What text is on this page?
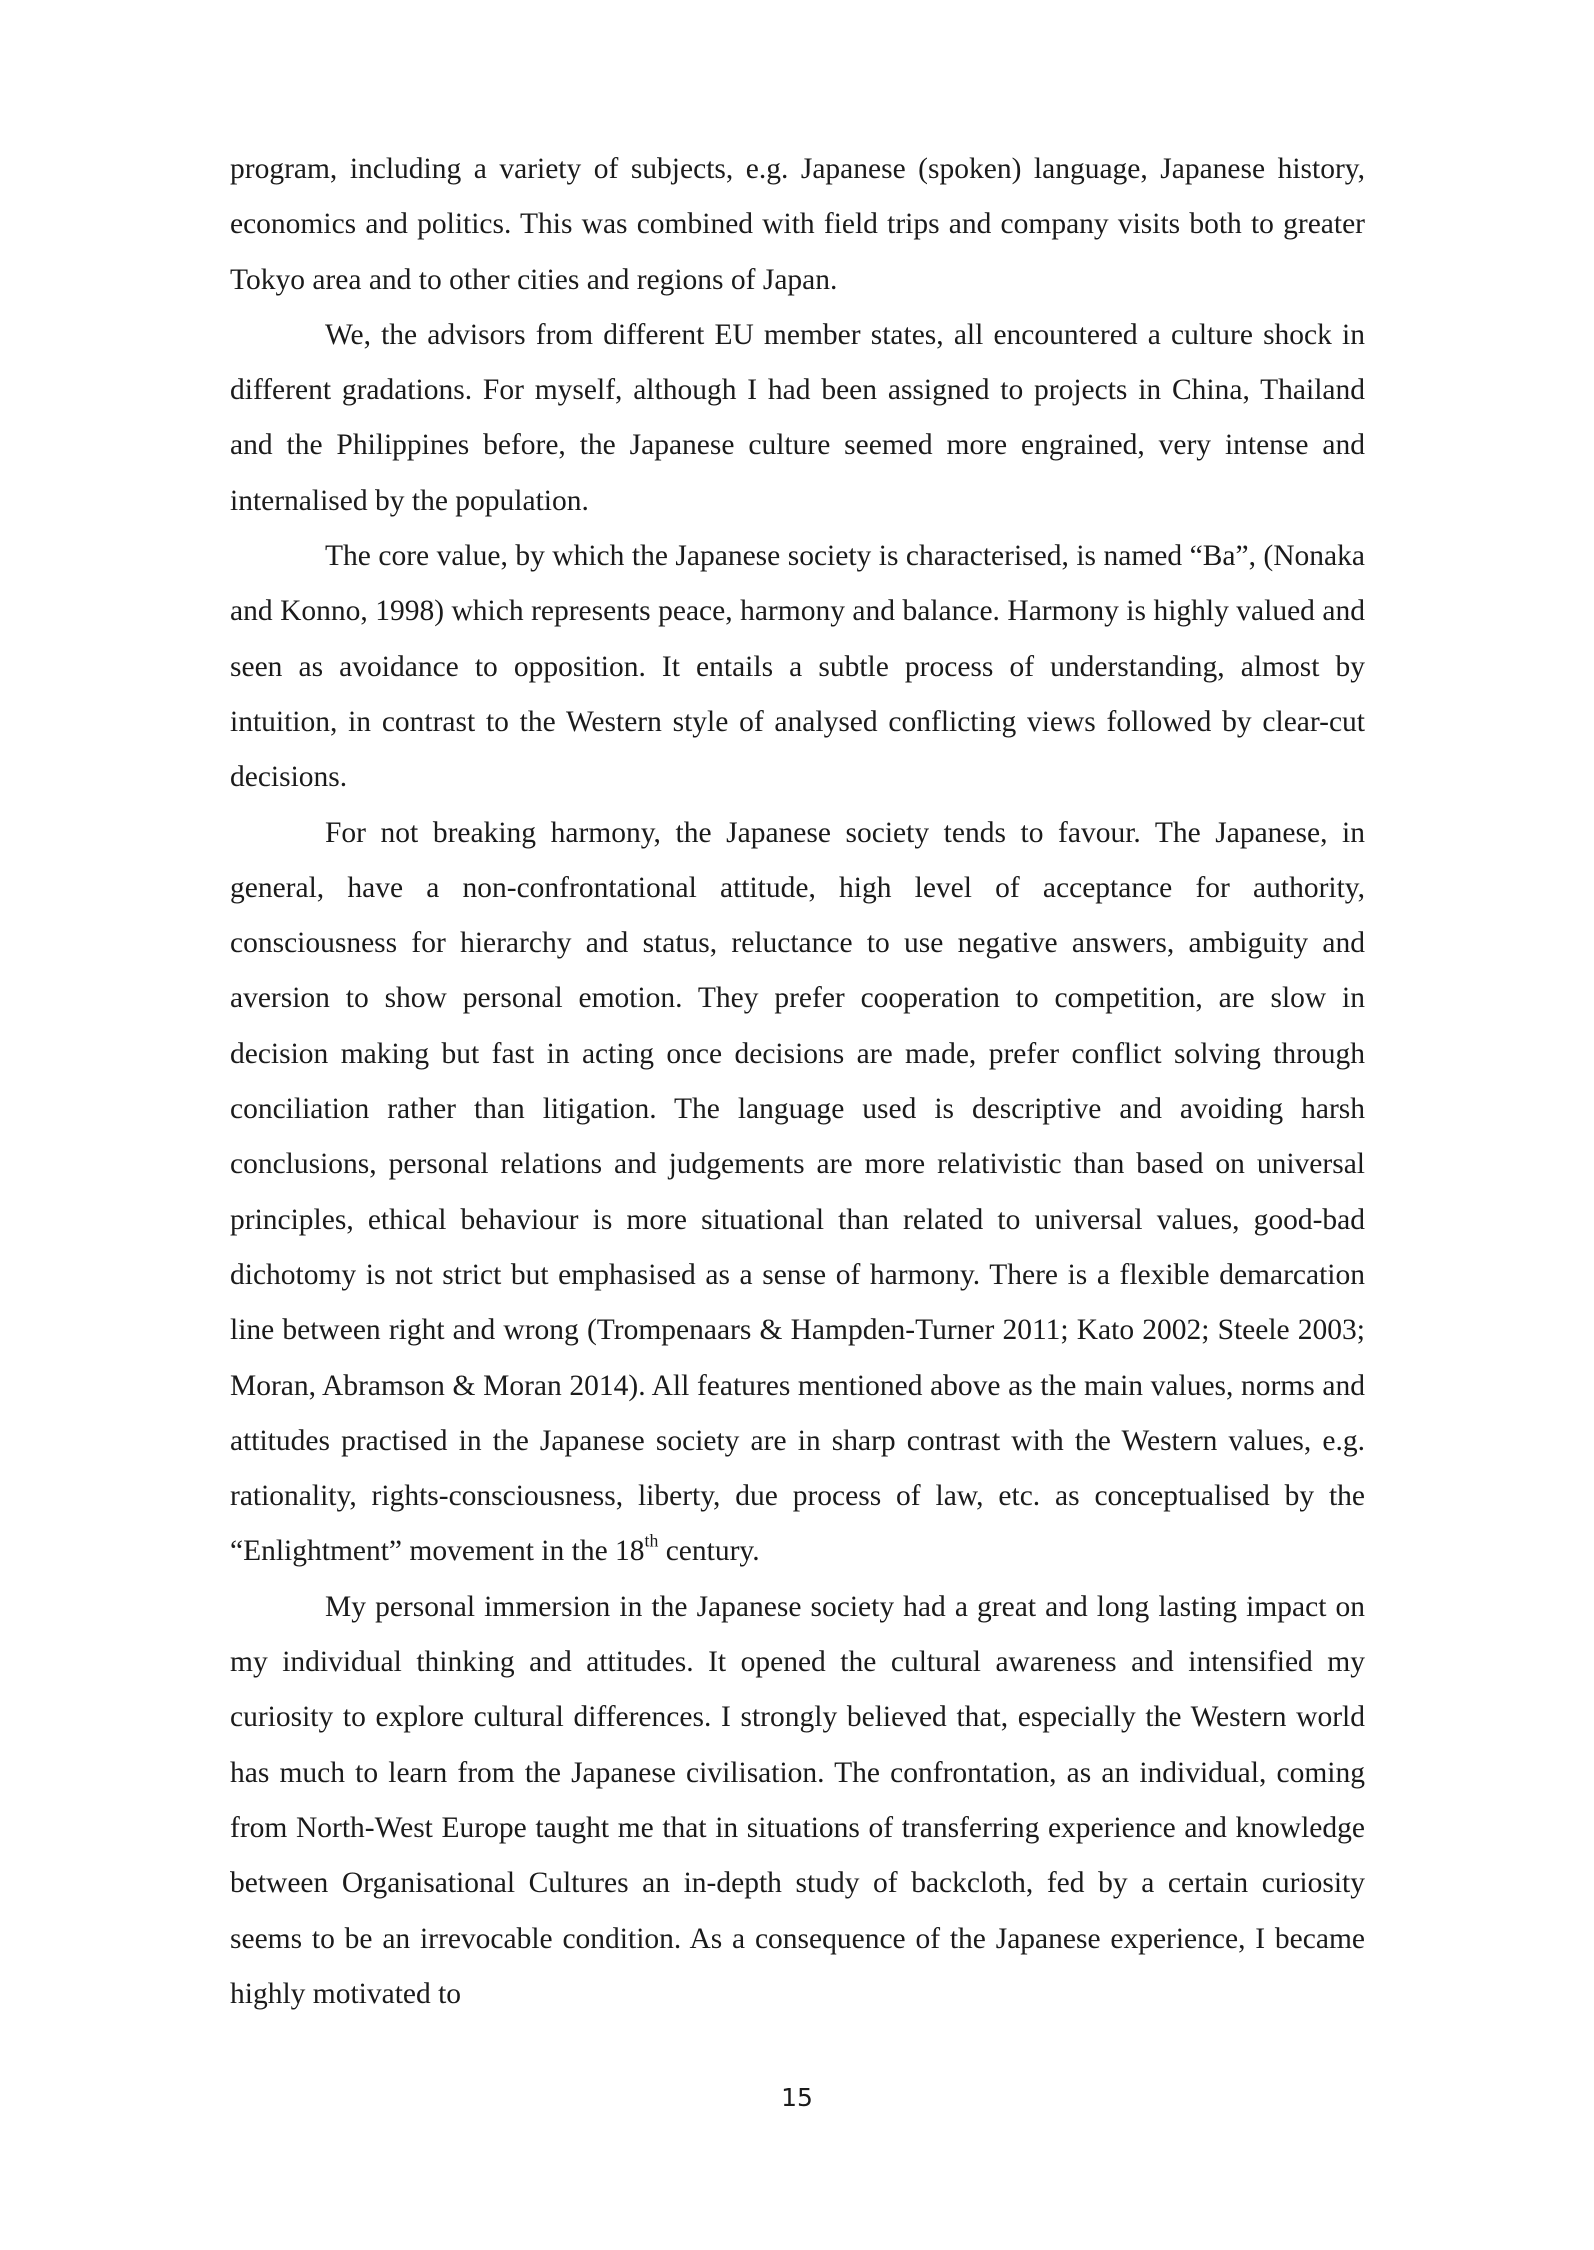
program, including a variety of subjects, e.g. Japanese (spoken) language, Japanese history, economics and politics. This was combined with field trips and company visits both to greater Tokyo area and to other cities and regions of Japan.

We, the advisors from different EU member states, all encountered a culture shock in different gradations. For myself, although I had been assigned to projects in China, Thailand and the Philippines before, the Japanese culture seemed more engrained, very intense and internalised by the population.

The core value, by which the Japanese society is characterised, is named “Ba”, (Nonaka and Konno, 1998) which represents peace, harmony and balance. Harmony is highly valued and seen as avoidance to opposition. It entails a subtle process of understanding, almost by intuition, in contrast to the Western style of analysed conflicting views followed by clear-cut decisions.

For not breaking harmony, the Japanese society tends to favour. The Japanese, in general, have a non-confrontational attitude, high level of acceptance for authority, consciousness for hierarchy and status, reluctance to use negative answers, ambiguity and aversion to show personal emotion. They prefer cooperation to competition, are slow in decision making but fast in acting once decisions are made, prefer conflict solving through conciliation rather than litigation. The language used is descriptive and avoiding harsh conclusions, personal relations and judgements are more relativistic than based on universal principles, ethical behaviour is more situational than related to universal values, good-bad dichotomy is not strict but emphasised as a sense of harmony. There is a flexible demarcation line between right and wrong (Trompenaars & Hampden-Turner 2011; Kato 2002; Steele 2003; Moran, Abramson & Moran 2014). All features mentioned above as the main values, norms and attitudes practised in the Japanese society are in sharp contrast with the Western values, e.g. rationality, rights-consciousness, liberty, due process of law, etc. as conceptualised by the “Enlightment” movement in the 18th century.

My personal immersion in the Japanese society had a great and long lasting impact on my individual thinking and attitudes. It opened the cultural awareness and intensified my curiosity to explore cultural differences. I strongly believed that, especially the Western world has much to learn from the Japanese civilisation. The confrontation, as an individual, coming from North-West Europe taught me that in situations of transferring experience and knowledge between Organisational Cultures an in-depth study of backcloth, fed by a certain curiosity seems to be an irrevocable condition. As a consequence of the Japanese experience, I became highly motivated to

15
